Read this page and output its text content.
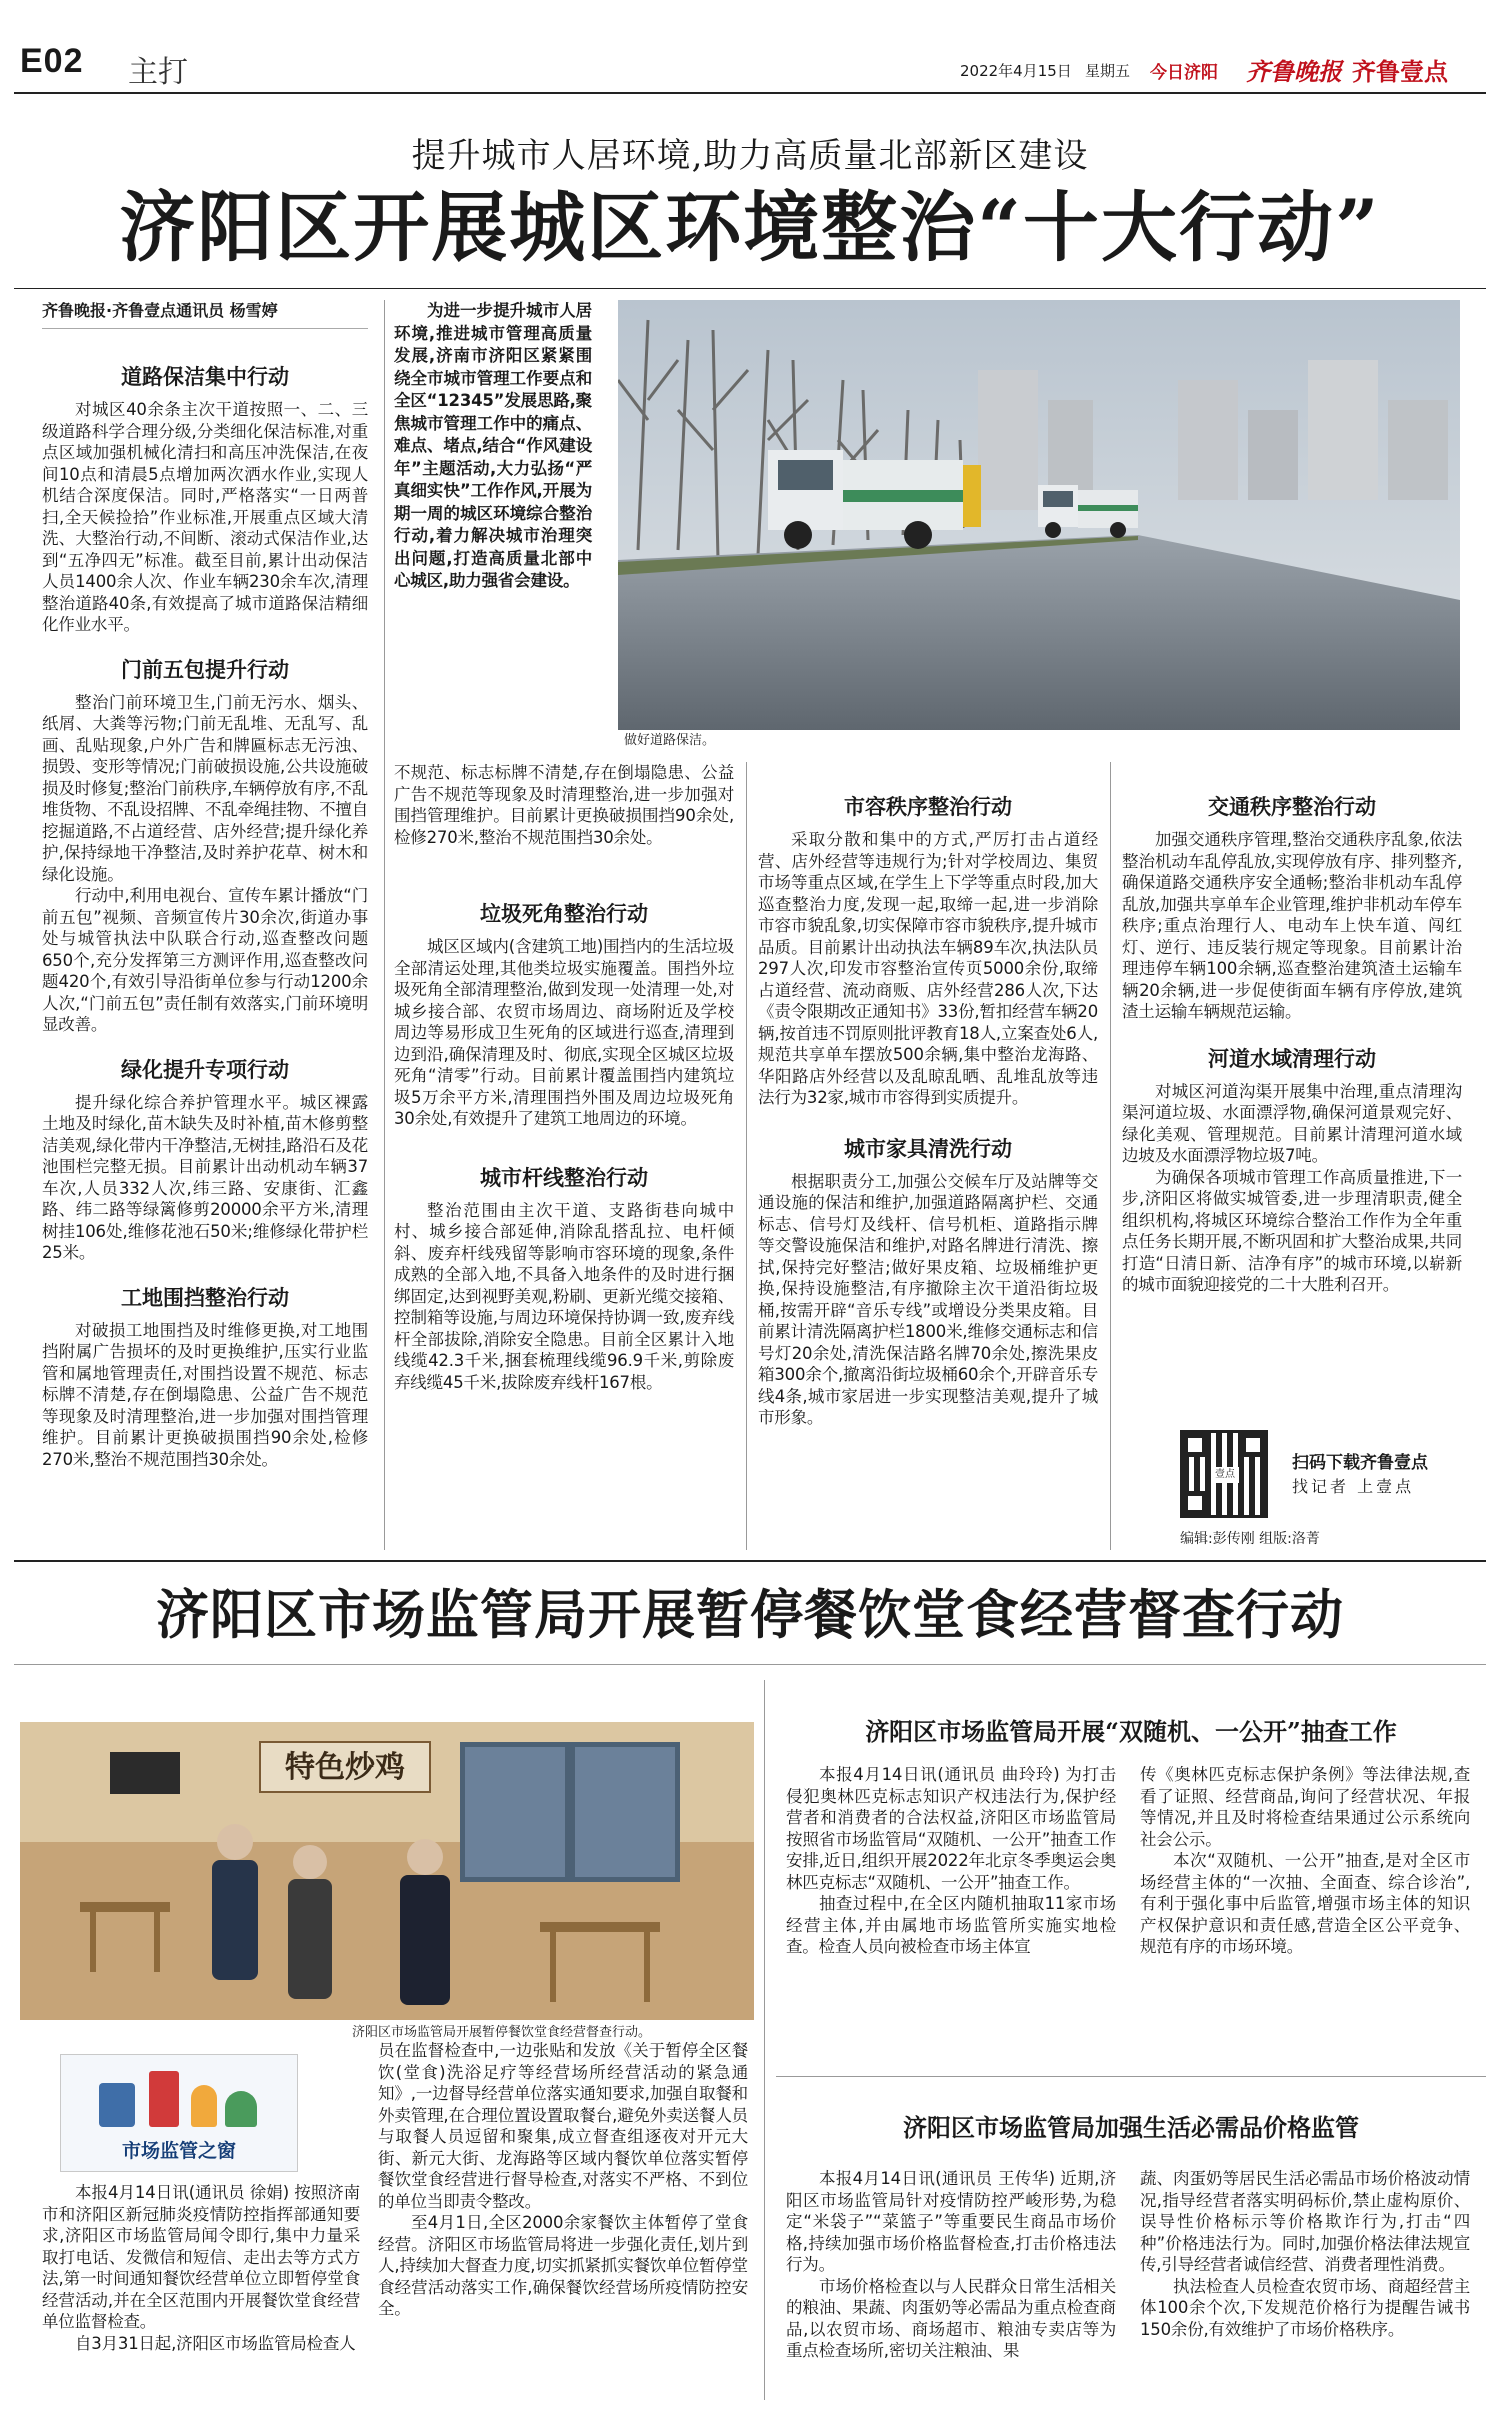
E02 主打	2022年4月15日 星期五 今日济阳 齐鲁晚报 齐鲁壹点
提升城市人居环境,助力高质量北部新区建设
济阳区开展城区环境整治“十大行动”
齐鲁晚报·齐鲁壹点通讯员 杨雪婷
道路保洁集中行动

对城区40余条主次干道按照一、二、三级道路科学合理分级,分类细化保洁标准,对重点区域加强机械化清扫和高压冲洗保洁,在夜间10点和清晨5点增加两次洒水作业,实现人机结合深度保洁。同时,严格落实“一日两普扫,全天候捡拾”作业标准,开展重点区域大清洗、大整治行动,不间断、滚动式保洁作业,达到“五净四无”标准。截至目前,累计出动保洁人员1400余人次、作业车辆230余车次,清理整治道路40条,有效提高了城市道路保洁精细化作业水平。

门前五包提升行动

整治门前环境卫生,门前无污水、烟头、纸屑、大粪等污物;门前无乱堆、无乱写、乱画、乱贴现象,户外广告和牌匾标志无污浊、损毁、变形等情况;门前破损设施,公共设施破损及时修复;整治门前秩序,车辆停放有序,不乱堆货物、不乱设招牌、不乱牵绳挂物、不擅自挖掘道路,不占道经营、店外经营;提升绿化养护,保持绿地干净整洁,及时养护花草、树木和绿化设施。

行动中,利用电视台、宣传车累计播放“门前五包”视频、音频宣传片30余次,街道办事处与城管执法中队联合行动,巡查整改问题650个,充分发挥第三方测评作用,巡查整改问题420个,有效引导沿街单位参与行动1200余人次,“门前五包”责任制有效落实,门前环境明显改善。

绿化提升专项行动

提升绿化综合养护管理水平。城区裸露土地及时绿化,苗木缺失及时补植,苗木修剪整洁美观,绿化带内干净整洁,无树挂,路沿石及花池围栏完整无损。目前累计出动机动车辆37车次,人员332人次,纬三路、安康街、汇鑫路、纬二路等绿篱修剪20000余平方米,清理树挂106处,维修花池石50米;维修绿化带护栏25米。

工地围挡整治行动

对破损工地围挡及时维修更换,对工地围挡附属广告损坏的及时更换维护,压实行业监管和属地管理责任,对围挡设置不规范、标志标牌不清楚,存在倒塌隐患、公益广告不规范等现象及时清理整治,进一步加强对围挡管理维护。目前累计更换破损围挡90余处,检修270米,整治不规范围挡30余处。

为进一步提升城市人居环境,推进城市管理高质量发展,济南市济阳区紧紧围绕全市城市管理工作要点和全区“12345”发展思路,聚焦城市管理工作中的痛点、难点、堵点,结合“作风建设年”主题活动,大力弘扬“严真细实快”工作作风,开展为期一周的城区环境综合整治行动,着力解决城市治理突出问题,打造高质量北部中心城区,助力强省会建设。

做好道路保洁。

不规范、标志标牌不清楚,存在倒塌隐患、公益广告不规范等现象及时清理整治,进一步加强对围挡管理维护。目前累计更换破损围挡90余处,检修270米,整治不规范围挡30余处。

垃圾死角整治行动

城区区域内(含建筑工地)围挡内的生活垃圾全部清运处理,其他类垃圾实施覆盖。围挡外垃圾死角全部清理整治,做到发现一处清理一处,对城乡接合部、农贸市场周边、商场附近及学校周边等易形成卫生死角的区域进行巡查,清理到边到沿,确保清理及时、彻底,实现全区城区垃圾死角“清零”行动。目前累计覆盖围挡内建筑垃圾5万余平方米,清理围挡外围及周边垃圾死角30余处,有效提升了建筑工地周边的环境。

城市杆线整治行动

整治范围由主次干道、支路街巷向城中村、城乡接合部延伸,消除乱搭乱拉、电杆倾斜、废弃杆线残留等影响市容环境的现象,条件成熟的全部入地,不具备入地条件的及时进行捆绑固定,达到视野美观,粉刷、更新光缆交接箱、控制箱等设施,与周边环境保持协调一致,废弃线杆全部拔除,消除安全隐患。目前全区累计入地线缆42.3千米,捆套梳理线缆96.9千米,剪除废弃线缆45千米,拔除废弃线杆167根。

市容秩序整治行动

采取分散和集中的方式,严厉打击占道经营、店外经营等违规行为;针对学校周边、集贸市场等重点区域,在学生上下学等重点时段,加大巡查整治力度,发现一起,取缔一起,进一步消除市容市貌乱象,切实保障市容市貌秩序,提升城市品质。目前累计出动执法车辆89车次,执法队员297人次,印发市容整治宣传页5000余份,取缔占道经营、流动商贩、店外经营286人次,下达《责令限期改正通知书》33份,暂扣经营车辆20辆,按首违不罚原则批评教育18人,立案查处6人,规范共享单车摆放500余辆,集中整治龙海路、华阳路店外经营以及乱晾乱晒、乱堆乱放等违法行为32家,城市市容得到实质提升。

城市家具清洗行动

根据职责分工,加强公交候车厅及站牌等交通设施的保洁和维护,加强道路隔离护栏、交通标志、信号灯及线杆、信号机柜、道路指示牌等交警设施保洁和维护,对路名牌进行清洗、擦拭,保持完好整洁;做好果皮箱、垃圾桶维护更换,保持设施整洁,有序撤除主次干道沿街垃圾桶,按需开辟“音乐专线”或增设分类果皮箱。目前累计清洗隔离护栏1800米,维修交通标志和信号灯20余处,清洗保洁路名牌70余处,擦洗果皮箱300余个,撤离沿街垃圾桶60余个,开辟音乐专线4条,城市家居进一步实现整洁美观,提升了城市形象。

交通秩序整治行动

加强交通秩序管理,整治交通秩序乱象,依法整治机动车乱停乱放,实现停放有序、排列整齐,确保道路交通秩序安全通畅;整治非机动车乱停乱放,加强共享单车企业管理,维护非机动车停车秩序;重点治理行人、电动车上快车道、闯红灯、逆行、违反装行规定等现象。目前累计治理违停车辆100余辆,巡查整治建筑渣土运输车辆20余辆,进一步促使街面车辆有序停放,建筑渣土运输车辆规范运输。

河道水域清理行动

对城区河道沟渠开展集中治理,重点清理沟渠河道垃圾、水面漂浮物,确保河道景观完好、绿化美观、管理规范。目前累计清理河道水域边坡及水面漂浮物垃圾7吨。

为确保各项城市管理工作高质量推进,下一步,济阳区将做实城管委,进一步理清职责,健全组织机构,将城区环境综合整治工作作为全年重点任务长期开展,不断巩固和扩大整治成果,共同打造“日清日新、洁净有序”的城市环境,以崭新的城市面貌迎接党的二十大胜利召开。

壹点
扫码下载齐鲁壹点
找记者 上壹点
编辑:彭传刚 组版:洛菁
济阳区市场监管局开展暂停餐饮堂食经营督查行动
特色炒鸡
济阳区市场监管局开展暂停餐饮堂食经营督查行动。
市场监管之窗

本报4月14日讯(通讯员 徐娟) 按照济南市和济阳区新冠肺炎疫情防控指挥部通知要求,济阳区市场监管局闻令即行,集中力量采取打电话、发微信和短信、走出去等方式方法,第一时间通知餐饮经营单位立即暂停堂食经营活动,并在全区范围内开展餐饮堂食经营单位监督检查。

自3月31日起,济阳区市场监管局检查人

员在监督检查中,一边张贴和发放《关于暂停全区餐饮(堂食)洗浴足疗等经营场所经营活动的紧急通知》,一边督导经营单位落实通知要求,加强自取餐和外卖管理,在合理位置设置取餐台,避免外卖送餐人员与取餐人员逗留和聚集,成立督查组逐夜对开元大街、新元大街、龙海路等区域内餐饮单位落实暂停餐饮堂食经营进行督导检查,对落实不严格、不到位的单位当即责令整改。

至4月1日,全区2000余家餐饮主体暂停了堂食经营。济阳区市场监管局将进一步强化责任,划片到人,持续加大督查力度,切实抓紧抓实餐饮单位暂停堂食经营活动落实工作,确保餐饮经营场所疫情防控安全。

济阳区市场监管局开展“双随机、一公开”抽查工作

本报4月14日讯(通讯员 曲玲玲) 为打击侵犯奥林匹克标志知识产权违法行为,保护经营者和消费者的合法权益,济阳区市场监管局按照省市场监管局“双随机、一公开”抽查工作安排,近日,组织开展2022年北京冬季奥运会奥林匹克标志“双随机、一公开”抽查工作。

抽查过程中,在全区内随机抽取11家市场经营主体,并由属地市场监管所实施实地检查。检查人员向被检查市场主体宣

传《奥林匹克标志保护条例》等法律法规,查看了证照、经营商品,询问了经营状况、年报等情况,并且及时将检查结果通过公示系统向社会公示。

本次“双随机、一公开”抽查,是对全区市场经营主体的“一次抽、全面查、综合诊治”,有利于强化事中后监管,增强市场主体的知识产权保护意识和责任感,营造全区公平竞争、规范有序的市场环境。

济阳区市场监管局加强生活必需品价格监管

本报4月14日讯(通讯员 王传华) 近期,济阳区市场监管局针对疫情防控严峻形势,为稳定“米袋子”“菜篮子”等重要民生商品市场价格,持续加强市场价格监督检查,打击价格违法行为。

市场价格检查以与人民群众日常生活相关的粮油、果蔬、肉蛋奶等必需品为重点检查商品,以农贸市场、商场超市、粮油专卖店等为重点检查场所,密切关注粮油、果

蔬、肉蛋奶等居民生活必需品市场价格波动情况,指导经营者落实明码标价,禁止虚构原价、误导性价格标示等价格欺诈行为,打击“四种”价格违法行为。同时,加强价格法律法规宣传,引导经营者诚信经营、消费者理性消费。

执法检查人员检查农贸市场、商超经营主体100余个次,下发规范价格行为提醒告诫书150余份,有效维护了市场价格秩序。
